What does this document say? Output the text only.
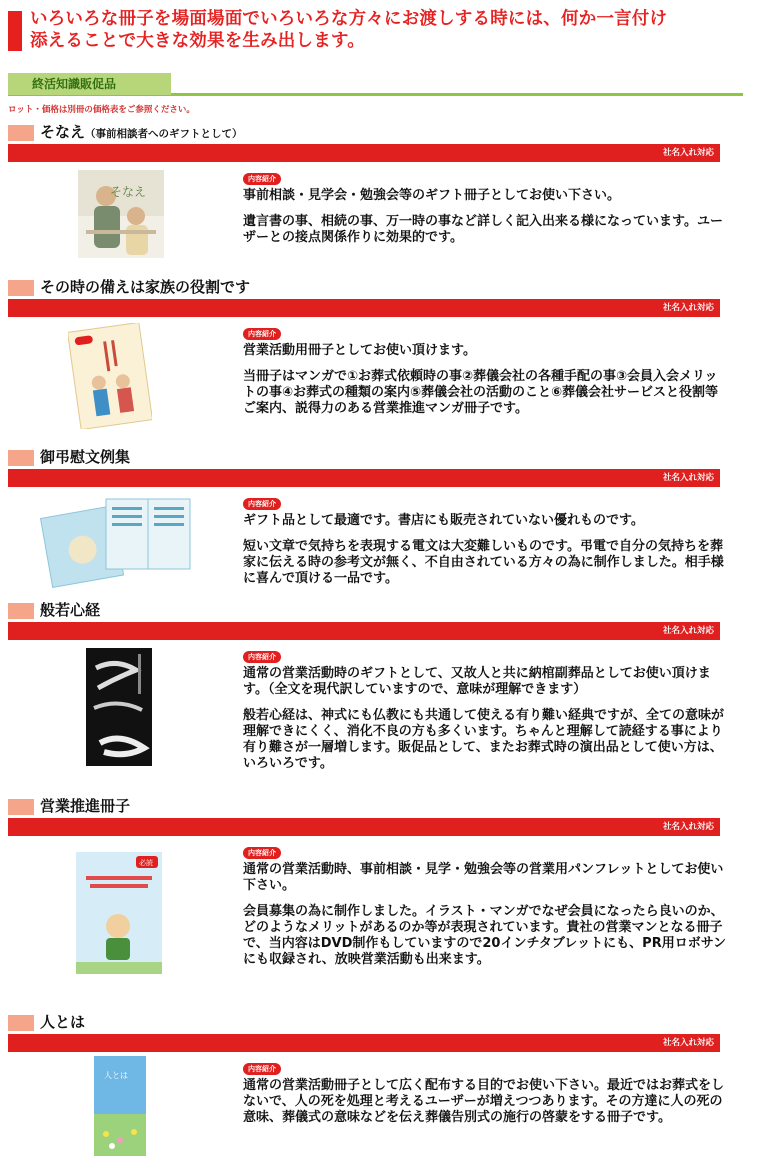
いろいろな冊子を場面場面でいろいろな方々にお渡しする時には、何か一言付け
添えることで大きな効果を生み出します。
終活知識販促品
ロット・価格は別冊の価格表をご参照ください。
そなえ（事前相談者へのギフトとして）
社名入れ対応
そなえ
内容紹介

事前相談・見学会・勉強会等のギフト冊子としてお使い下さい。

遺言書の事、相続の事、万一時の事など詳しく記入出来る様になっています。ユーザーとの接点関係作りに効果的です。

その時の備えは家族の役割です
社名入れ対応
内容紹介

営業活動用冊子としてお使い頂けます。

当冊子はマンガで①お葬式依頼時の事②葬儀会社の各種手配の事③会員入会メリットの事④お葬式の種類の案内⑤葬儀会社の活動のこと⑥葬儀会社サービスと役割等ご案内、説得力のある営業推進マンガ冊子です。

御弔慰文例集
社名入れ対応
内容紹介

ギフト品として最適です。書店にも販売されていない優れものです。

短い文章で気持ちを表現する電文は大変難しいものです。弔電で自分の気持ちを葬家に伝える時の参考文が無く、不自由されている方々の為に制作しました。相手様に喜んで頂ける一品です。

般若心経
社名入れ対応
内容紹介

通常の営業活動時のギフトとして、又故人と共に納棺副葬品としてお使い頂けます。（全文を現代訳していますので、意味が理解できます）

般若心経は、神式にも仏教にも共通して使える有り難い経典ですが、全ての意味が理解できにくく、消化不良の方も多くいます。ちゃんと理解して読経する事により有り難さが一層増します。販促品として、またお葬式時の演出品として使い方は、いろいろです。

営業推進冊子
社名入れ対応
必読
内容紹介

通常の営業活動時、事前相談・見学・勉強会等の営業用パンフレットとしてお使い下さい。

会員募集の為に制作しました。イラスト・マンガでなぜ会員になったら良いのか、どのようなメリットがあるのか等が表現されています。貴社の営業マンとなる冊子で、当内容はDVD制作もしていますので20インチタブレットにも、PR用ロボサンにも収録され、放映営業活動も出来ます。

人とは
社名入れ対応
人とは
内容紹介

通常の営業活動冊子として広く配布する目的でお使い下さい。最近ではお葬式をしないで、人の死を処理と考えるユーザーが増えつつあります。その方達に人の死の意味、葬儀式の意味などを伝え葬儀告別式の施行の啓蒙をする冊子です。
